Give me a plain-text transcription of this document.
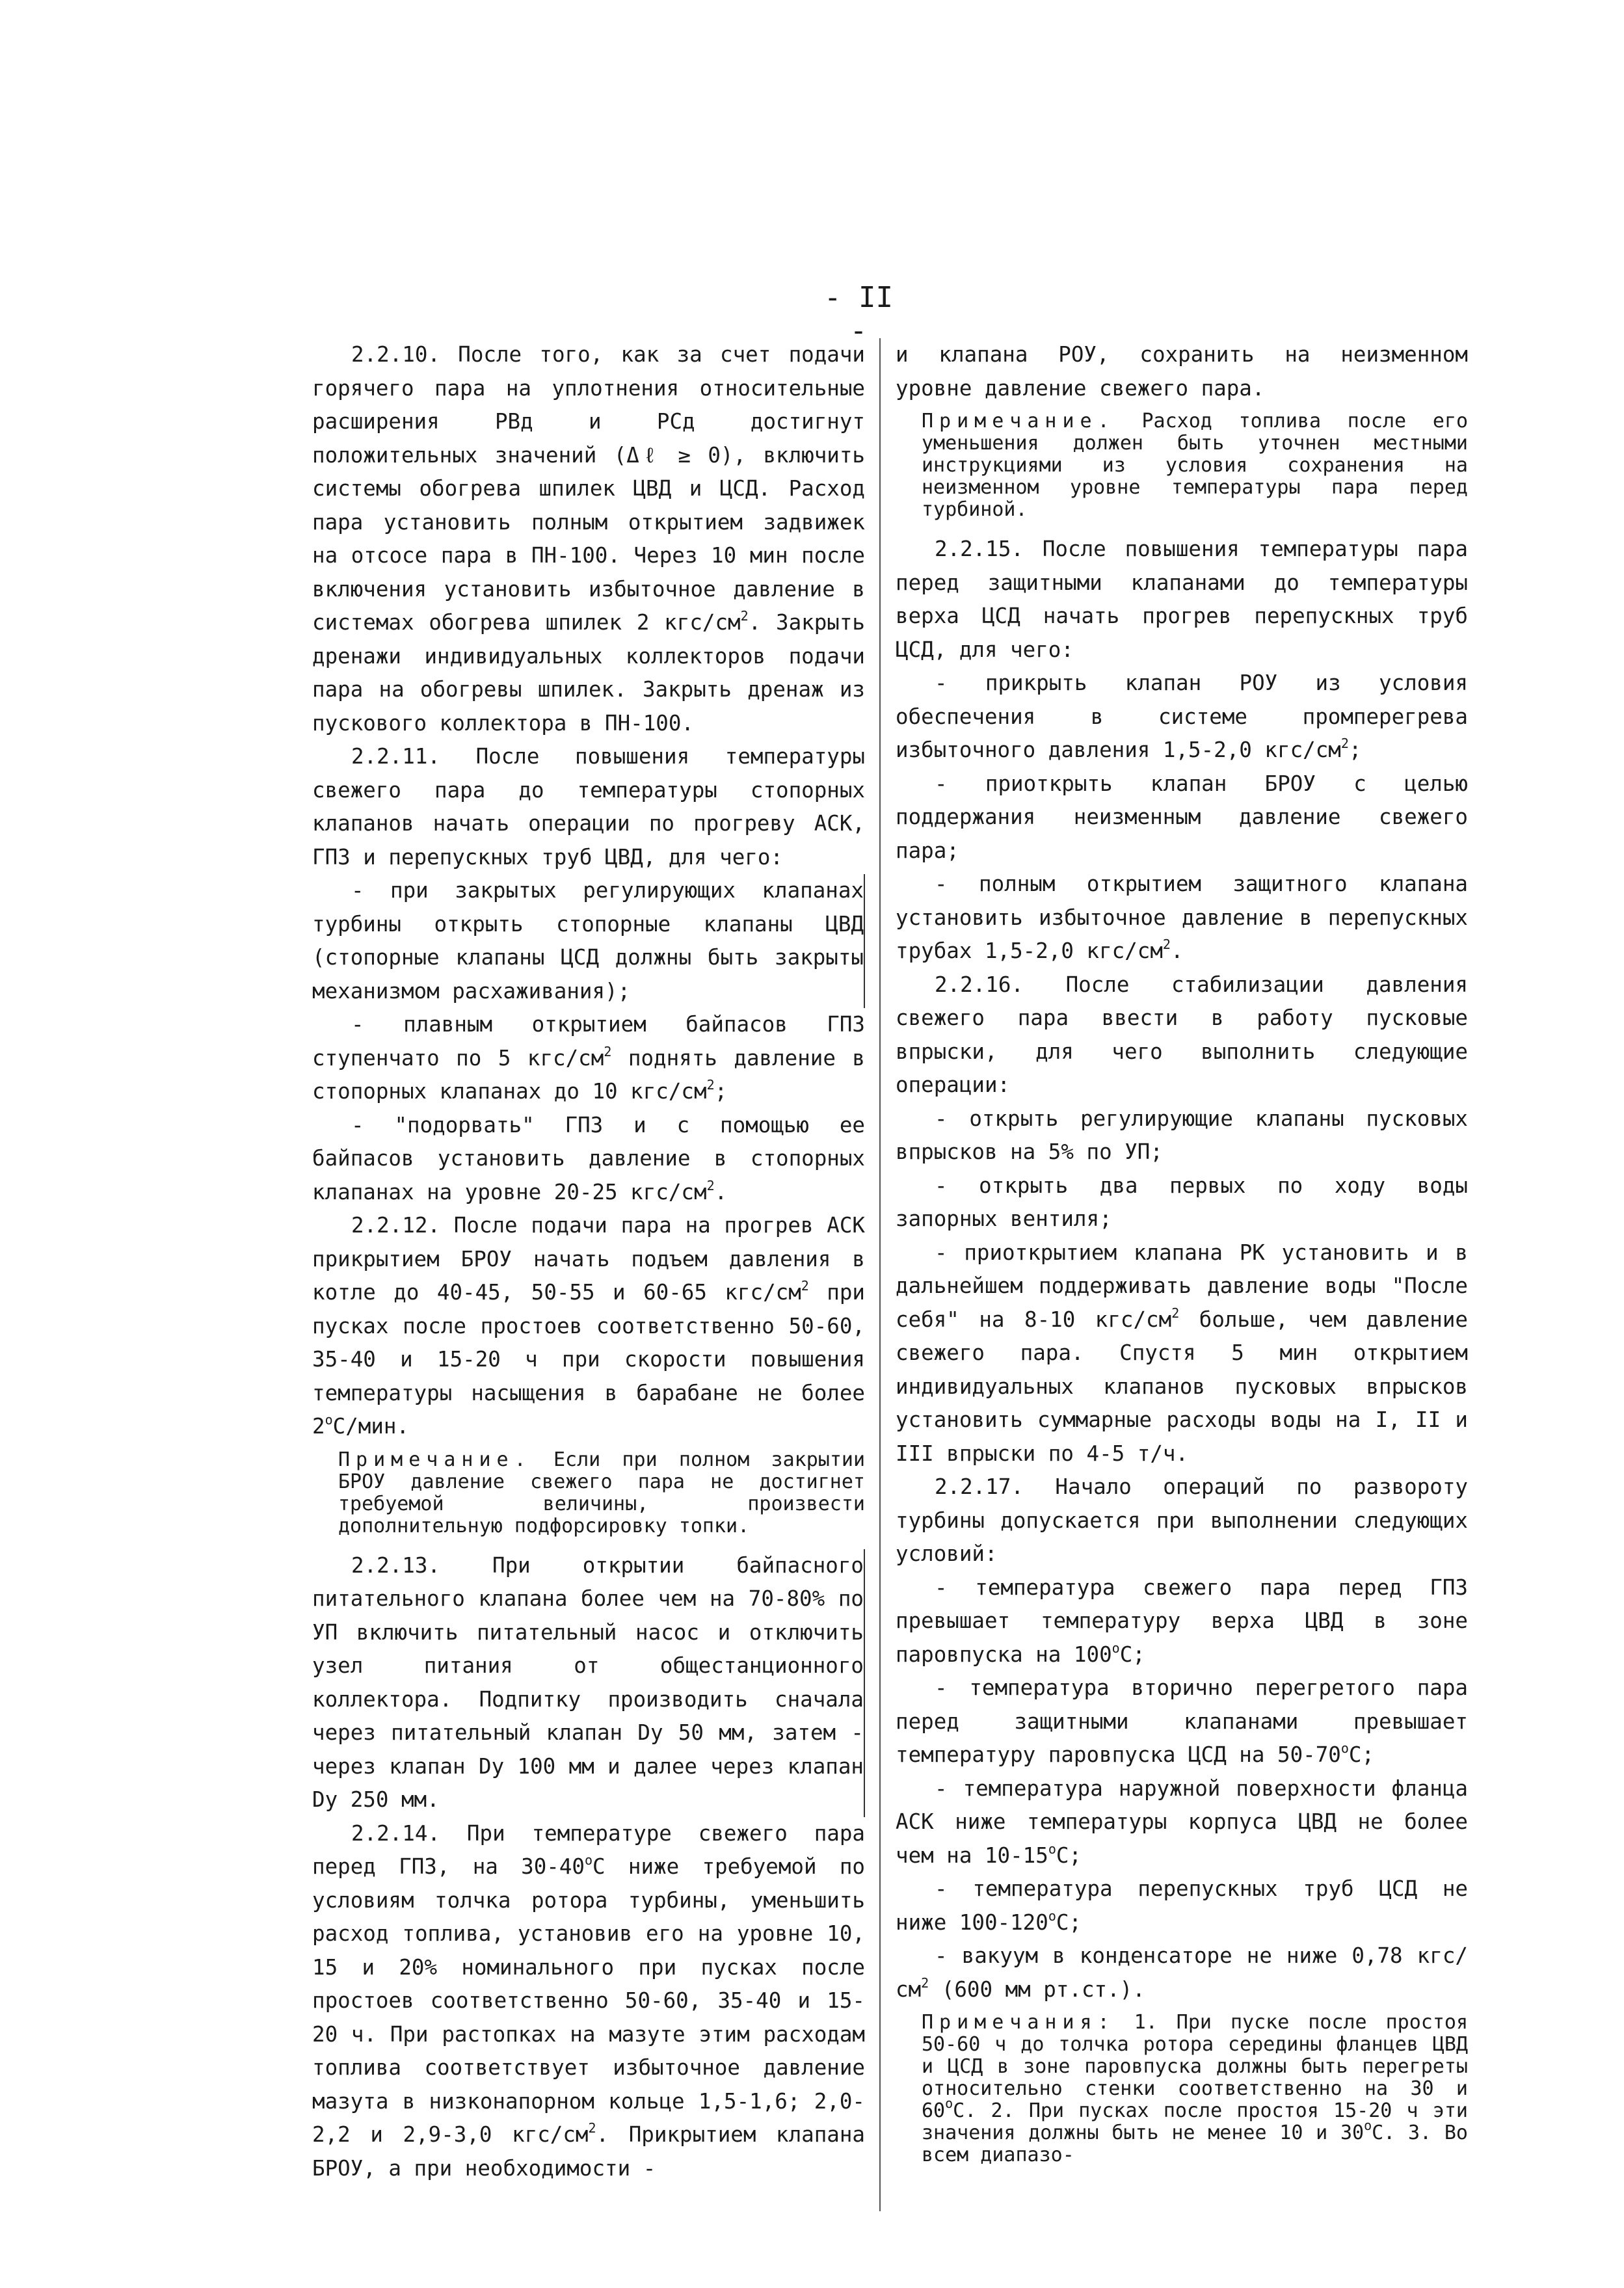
- II -

2.2.10. После того, как за счет подачи горячего пара на уплотнения относительные расширения РВд и РСд достигнут положительных значений (Δℓ ≥ 0), включить системы обогрева шпилек ЦВД и ЦСД. Расход пара установить полным открытием задвижек на отсосе пара в ПН-100. Через 10 мин после включения установить избыточное давление в системах обогрева шпилек 2 кгс/$см^2$. Закрыть дренажи индивидуальных коллекторов подачи пара на обогревы шпилек. Закрыть дренаж из пускового коллектора в ПН-100.

2.2.11. После повышения температуры свежего пара до температуры стопорных клапанов начать операции по прогреву АСК, ГПЗ и перепускных труб ЦВД, для чего:

- при закрытых регулирующих клапанах турбины открыть стопорные клапаны ЦВД (стопорные клапаны ЦСД должны быть закрыты механизмом расхаживания);

- плавным открытием байпасов ГПЗ ступенчато по 5 кгс/$см^2$ поднять давление в стопорных клапанах до 10 кгс/$см^2$;

- "подорвать" ГПЗ и с помощью ее байпасов установить давление в стопорных клапанах на уровне 20-25 кгс/$см^2$.

2.2.12. После подачи пара на прогрев АСК прикрытием БРОУ начать подъем давления в котле до 40-45, 50-55 и 60-65 кгс/$см^2$ при пусках после простоев соответственно 50-60, 35-40 и 15-20 ч при скорости повышения температуры насыщения в барабане не более 2$^o$С/мин.

Примечание. Если при полном закрытии БРОУ давление свежего пара не достигнет требуемой величины, произвести дополнительную подфорсировку топки.

2.2.13. При открытии байпасного питательного клапана более чем на 70-80% по УП включить питательный насос и отключить узел питания от общестанционного коллектора. Подпитку производить сначала через питательный клапан Dу 50 мм, затем - через клапан Dу 100 мм и далее через клапан Dу 250 мм.

2.2.14. При температуре свежего пара перед ГПЗ, на 30-40$^o$С ниже требуемой по условиям толчка ротора турбины, уменьшить расход топлива, установив его на уровне 10, 15 и 20% номинального при пусках после простоев соответственно 50-60, 35-40 и 15-20 ч. При растопках на мазуте этим расходам топлива соответствует избыточное давление мазута в низконапорном кольце 1,5-1,6; 2,0-2,2 и 2,9-3,0 кгс/$см^2$. Прикрытием клапана БРОУ, а при необходимости -

и клапана РОУ, сохранить на неизменном уровне давление свежего пара.

Примечание. Расход топлива после его уменьшения должен быть уточнен местными инструкциями из условия сохранения на неизменном уровне температуры пара перед турбиной.

2.2.15. После повышения температуры пара перед защитными клапанами до температуры верха ЦСД начать прогрев перепускных труб ЦСД, для чего:

- прикрыть клапан РОУ из условия обеспечения в системе промперегрева избыточного давления 1,5-2,0 кгс/$см^2$;

- приоткрыть клапан БРОУ с целью поддержания неизменным давление свежего пара;

- полным открытием защитного клапана установить избыточное давление в перепускных трубах 1,5-2,0 кгс/$см^2$.

2.2.16. После стабилизации давления свежего пара ввести в работу пусковые впрыски, для чего выполнить следующие операции:

- открыть регулирующие клапаны пусковых впрысков на 5% по УП;

- открыть два первых по ходу воды запорных вентиля;

- приоткрытием клапана РК установить и в дальнейшем поддерживать давление воды "После себя" на 8-10 кгс/$см^2$ больше, чем давление свежего пара. Спустя 5 мин открытием индивидуальных клапанов пусковых впрысков установить суммарные расходы воды на I, II и III впрыски по 4-5 т/ч.

2.2.17. Начало операций по развороту турбины допускается при выполнении следующих условий:

- температура свежего пара перед ГПЗ превышает температуру верха ЦВД в зоне паровпуска на 100$^o$С;

- температура вторично перегретого пара перед защитными клапанами превышает температуру паровпуска ЦСД на 50-70$^o$С;

- температура наружной поверхности фланца АСК ниже температуры корпуса ЦВД не более чем на 10-15$^o$С;

- температура перепускных труб ЦСД не ниже 100-120$^o$С;

- вакуум в конденсаторе не ниже 0,78 кгс/$см^2$ (600 мм рт.ст.).

Примечания: 1. При пуске после простоя 50-60 ч до толчка ротора середины фланцев ЦВД и ЦСД в зоне паровпуска должны быть перегреты относительно стенки соответственно на 30 и 60$^o$С. 2. При пусках после простоя 15-20 ч эти значения должны быть не менее 10 и 30$^o$С. 3. Во всем диапазо-
